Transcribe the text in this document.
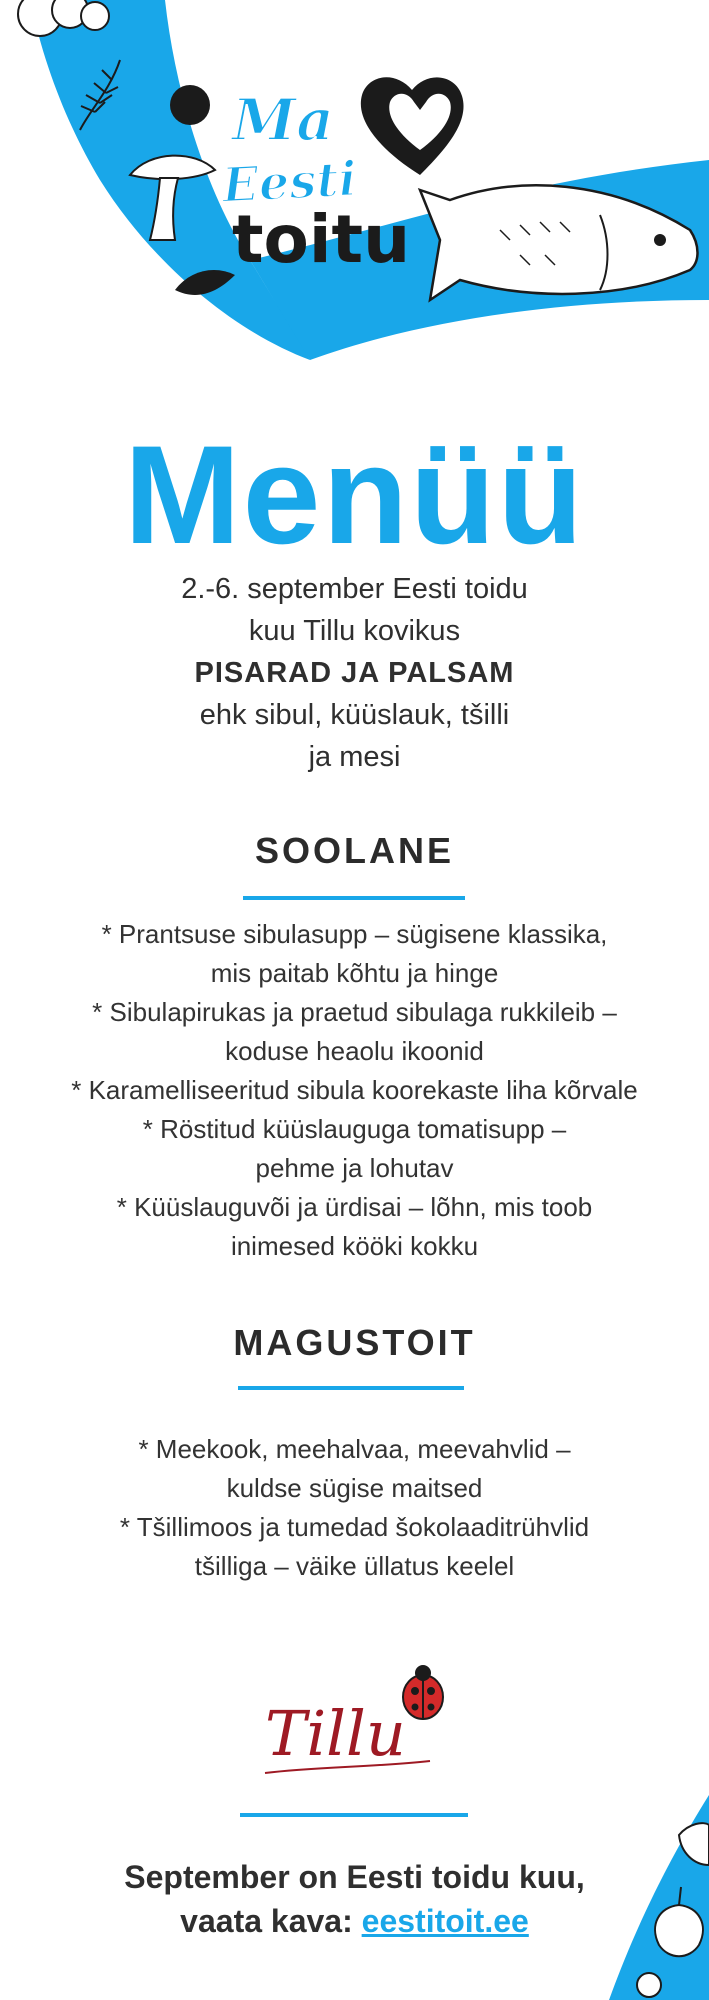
Ma
Eesti
toitu
Menüü
2.-6. september Eesti toidu
kuu Tillu kovikus
PISARAD JA PALSAM
ehk sibul, küüslauk, tšilli
ja mesi
SOOLANE
* Prantsuse sibulasupp – sügisene klassika,
mis paitab kõhtu ja hinge
* Sibulapirukas ja praetud sibulaga rukkileib –
koduse heaolu ikoonid
* Karamelliseeritud sibula koorekaste liha kõrvale
* Röstitud küüslauguga tomatisupp –
pehme ja lohutav
* Küüslauguvõi ja ürdisai – lõhn, mis toob
inimesed kööki kokku
MAGUSTOIT
* Meekook, meehalvaa, meevahvlid –
kuldse sügise maitsed
* Tšillimoos ja tumedad šokolaaditrühvlid
tšilliga – väike üllatus keelel
Tillu
September on Eesti toidu kuu,
vaata kava: eestitoit.ee
